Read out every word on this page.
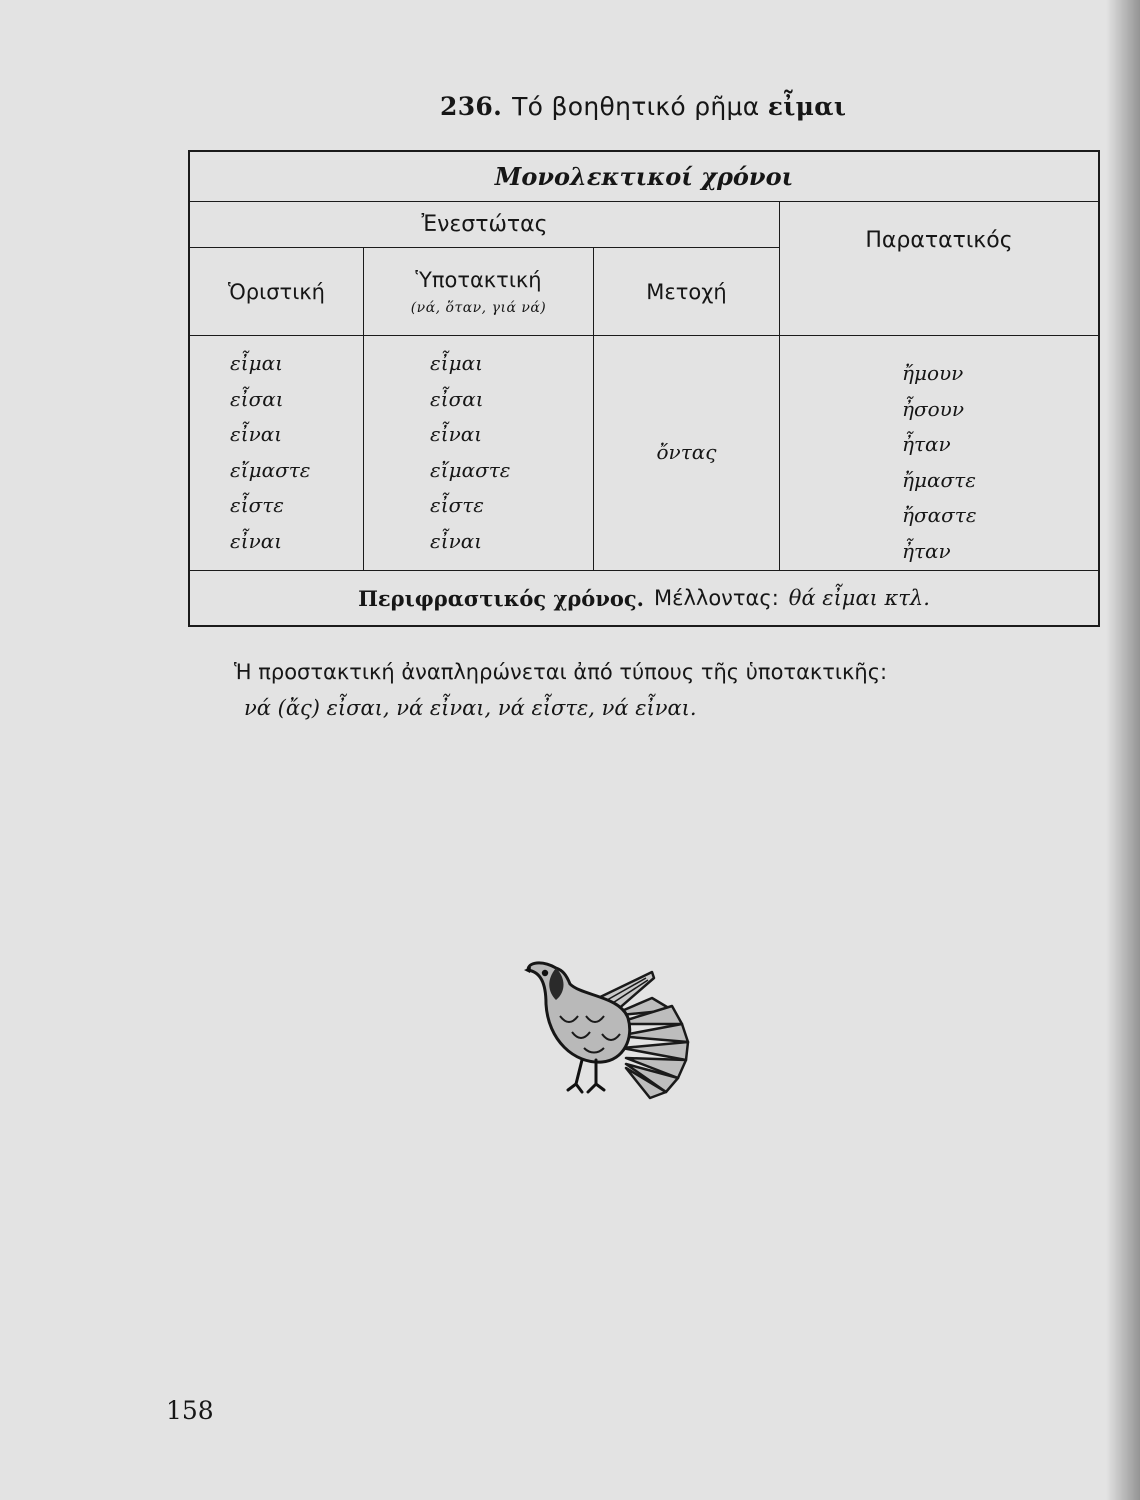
236. Τό βοηθητικό ρῆμα εἶμαι
Μονολεκτικοί χρόνοι
Ἐνεστώτας
Παρατατικός
Ὁριστική	Ὑποτακτική
(νά, ὅταν, γιά νά)
Μετοχή
εἶμαι
εἶσαι
εἶναι
εἴμαστε
εἶστε
εἶναι
εἶμαι
εἶσαι
εἶναι
εἴμαστε
εἶστε
εἶναι
ὄντας
ἤμουν
ἦσουν
ἦταν
ἤμαστε
ἤσαστε
ἦταν
Περιφραστικός χρόνος. Μέλλοντας: θά εἶμαι κτλ.
Ἡ προστακτική ἀναπληρώνεται ἀπό τύπους τῆς ὑποτακτικῆς:
νά (ἄς) εἶσαι, νά εἶναι, νά εἶστε, νά εἶναι.
158
